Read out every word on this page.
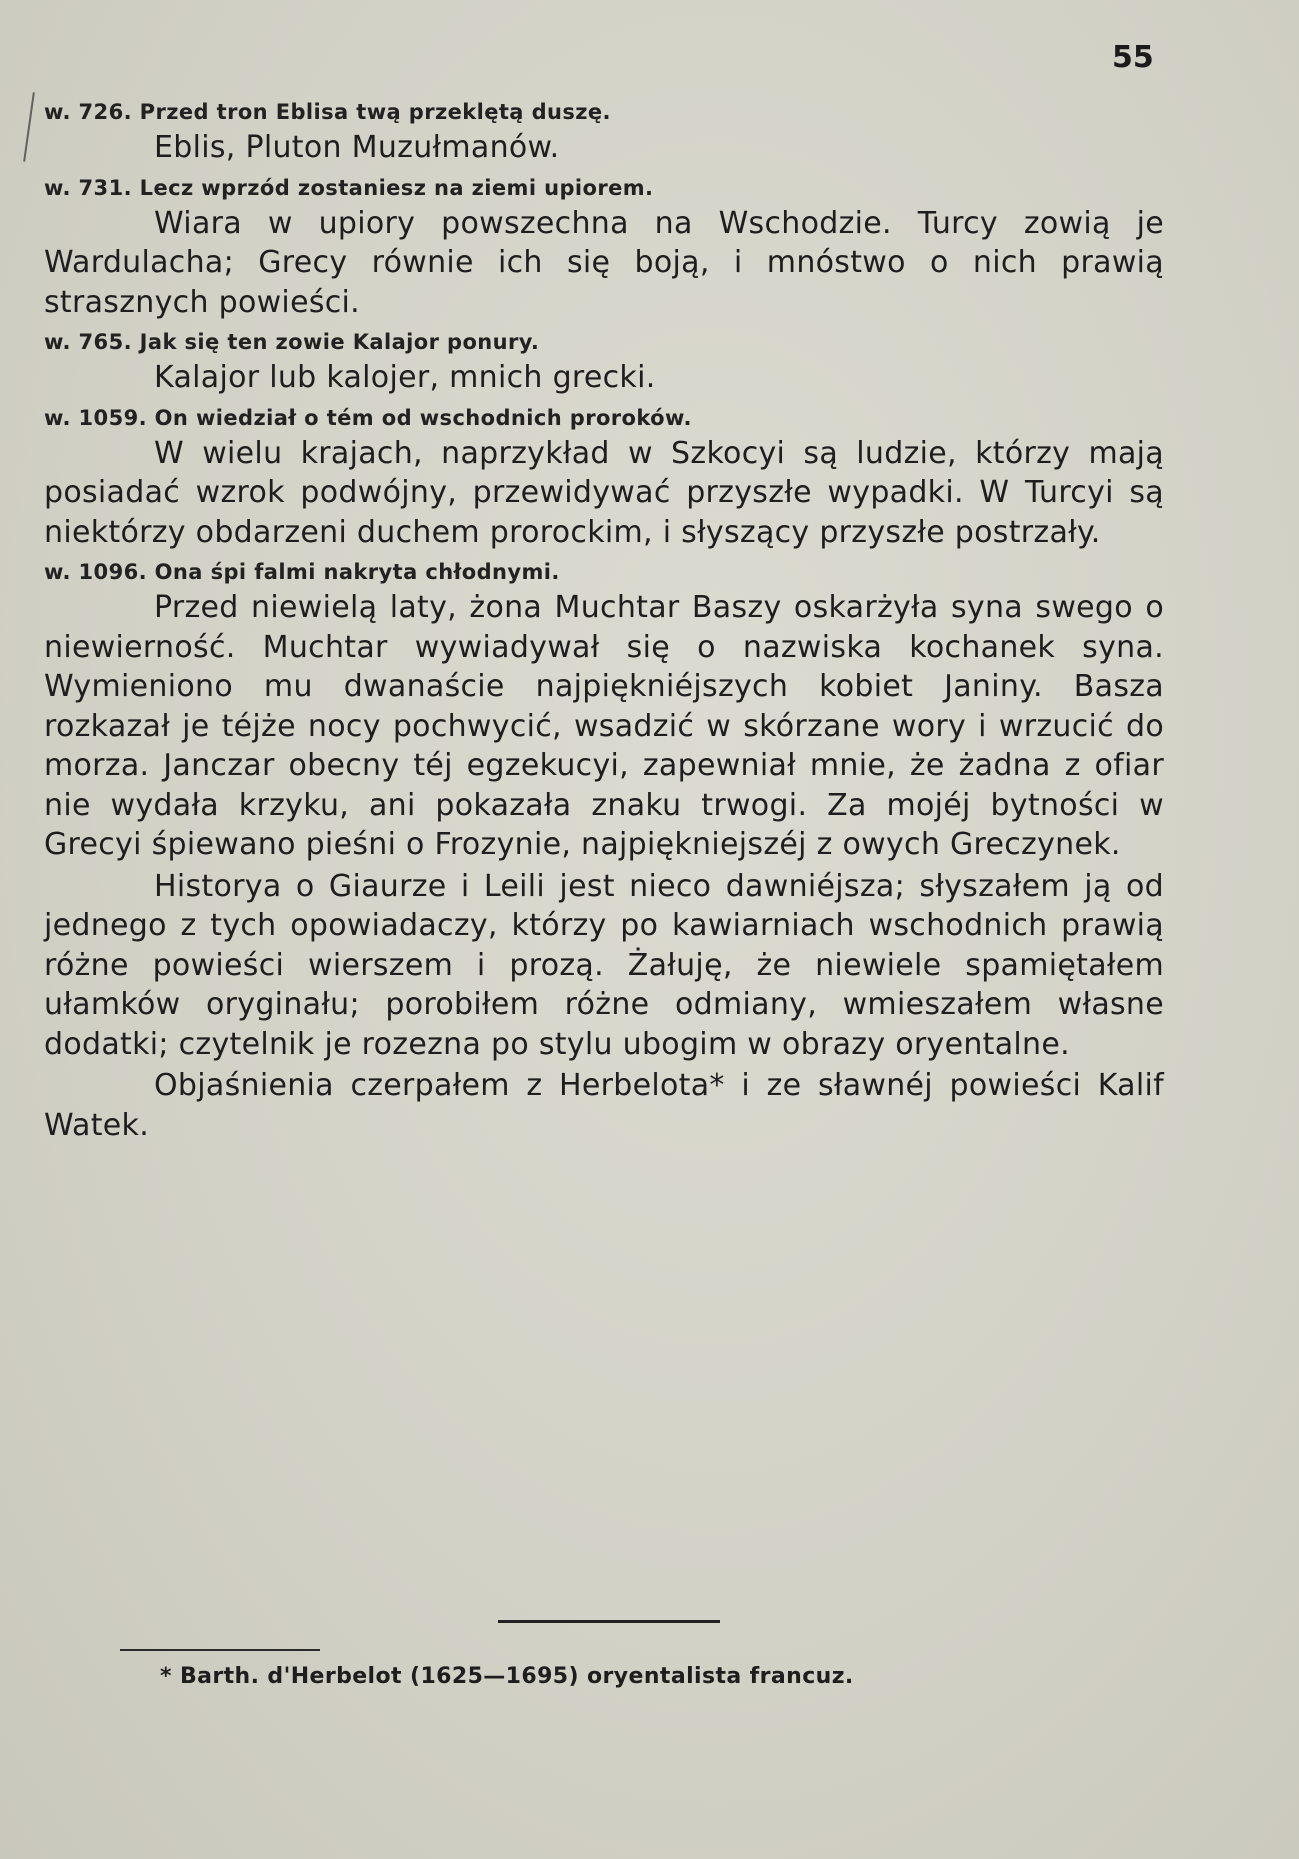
55
w. 726. Przed tron Eblisa twą przeklętą duszę.

Eblis, Pluton Muzułmanów.

w. 731. Lecz wprzód zostaniesz na ziemi upiorem.

Wiara w upiory powszechna na Wschodzie. Turcy zowią je Wardulacha; Grecy równie ich się boją, i mnóstwo o nich prawią strasznych powieści.

w. 765. Jak się ten zowie Kalajor ponury.

Kalajor lub kalojer, mnich grecki.

w. 1059. On wiedział o tém od wschodnich proroków.

W wielu krajach, naprzykład w Szkocyi są ludzie, którzy mają posiadać wzrok podwójny, przewidywać przyszłe wypadki. W Turcyi są niektórzy obdarzeni duchem prorockim, i słyszący przyszłe postrzały.

w. 1096. Ona śpi falmi nakryta chłodnymi.

Przed niewielą laty, żona Muchtar Baszy oskarżyła syna swego o niewierność. Muchtar wywiadywał się o nazwiska kochanek syna. Wymieniono mu dwanaście najpiękniéjszych kobiet Janiny. Basza rozkazał je téjże nocy pochwycić, wsadzić w skórzane wory i wrzucić do morza. Janczar obecny téj egzekucyi, zapewniał mnie, że żadna z ofiar nie wydała krzyku, ani pokazała znaku trwogi. Za mojéj bytności w Grecyi śpiewano pieśni o Frozynie, najpiękniejszéj z owych Greczynek.

Historya o Giaurze i Leili jest nieco dawniéjsza; słyszałem ją od jednego z tych opowiadaczy, którzy po kawiarniach wschodnich prawią różne powieści wierszem i prozą. Żałuję, że niewiele spamiętałem ułamków oryginału; porobiłem różne odmiany, wmieszałem własne dodatki; czytelnik je rozezna po stylu ubogim w obrazy oryentalne.

Objaśnienia czerpałem z Herbelota* i ze sławnéj powieści Kalif Watek.

* Barth. d'Herbelot (1625—1695) oryentalista francuz.
